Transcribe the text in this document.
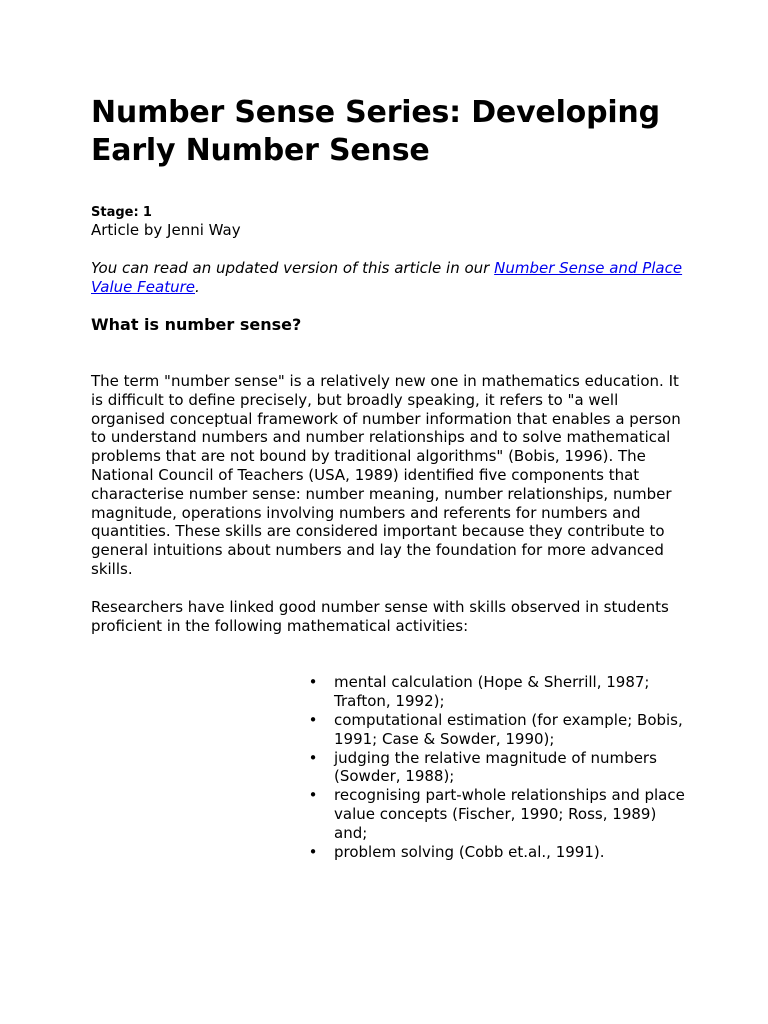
Number Sense Series: Developing Early Number Sense
Stage: 1
Article by Jenni Way
You can read an updated version of this article in our Number Sense and Place Value Feature.
What is number sense?

The term "number sense" is a relatively new one in mathematics education. It is difficult to define precisely, but broadly speaking, it refers to "a well organised conceptual framework of number information that enables a person to understand numbers and number relationships and to solve mathematical problems that are not bound by traditional algorithms" (Bobis, 1996). The National Council of Teachers (USA, 1989) identified five components that characterise number sense: number meaning, number relationships, number magnitude, operations involving numbers and referents for numbers and quantities. These skills are considered important because they contribute to general intuitions about numbers and lay the foundation for more advanced skills.

Researchers have linked good number sense with skills observed in students proficient in the following mathematical activities:

• mental calculation (Hope & Sherrill, 1987; Trafton, 1992);
• computational estimation (for example; Bobis, 1991; Case & Sowder, 1990);
• judging the relative magnitude of numbers (Sowder, 1988);
• recognising part-whole relationships and place value concepts (Fischer, 1990; Ross, 1989) and;
• problem solving (Cobb et.al., 1991).
